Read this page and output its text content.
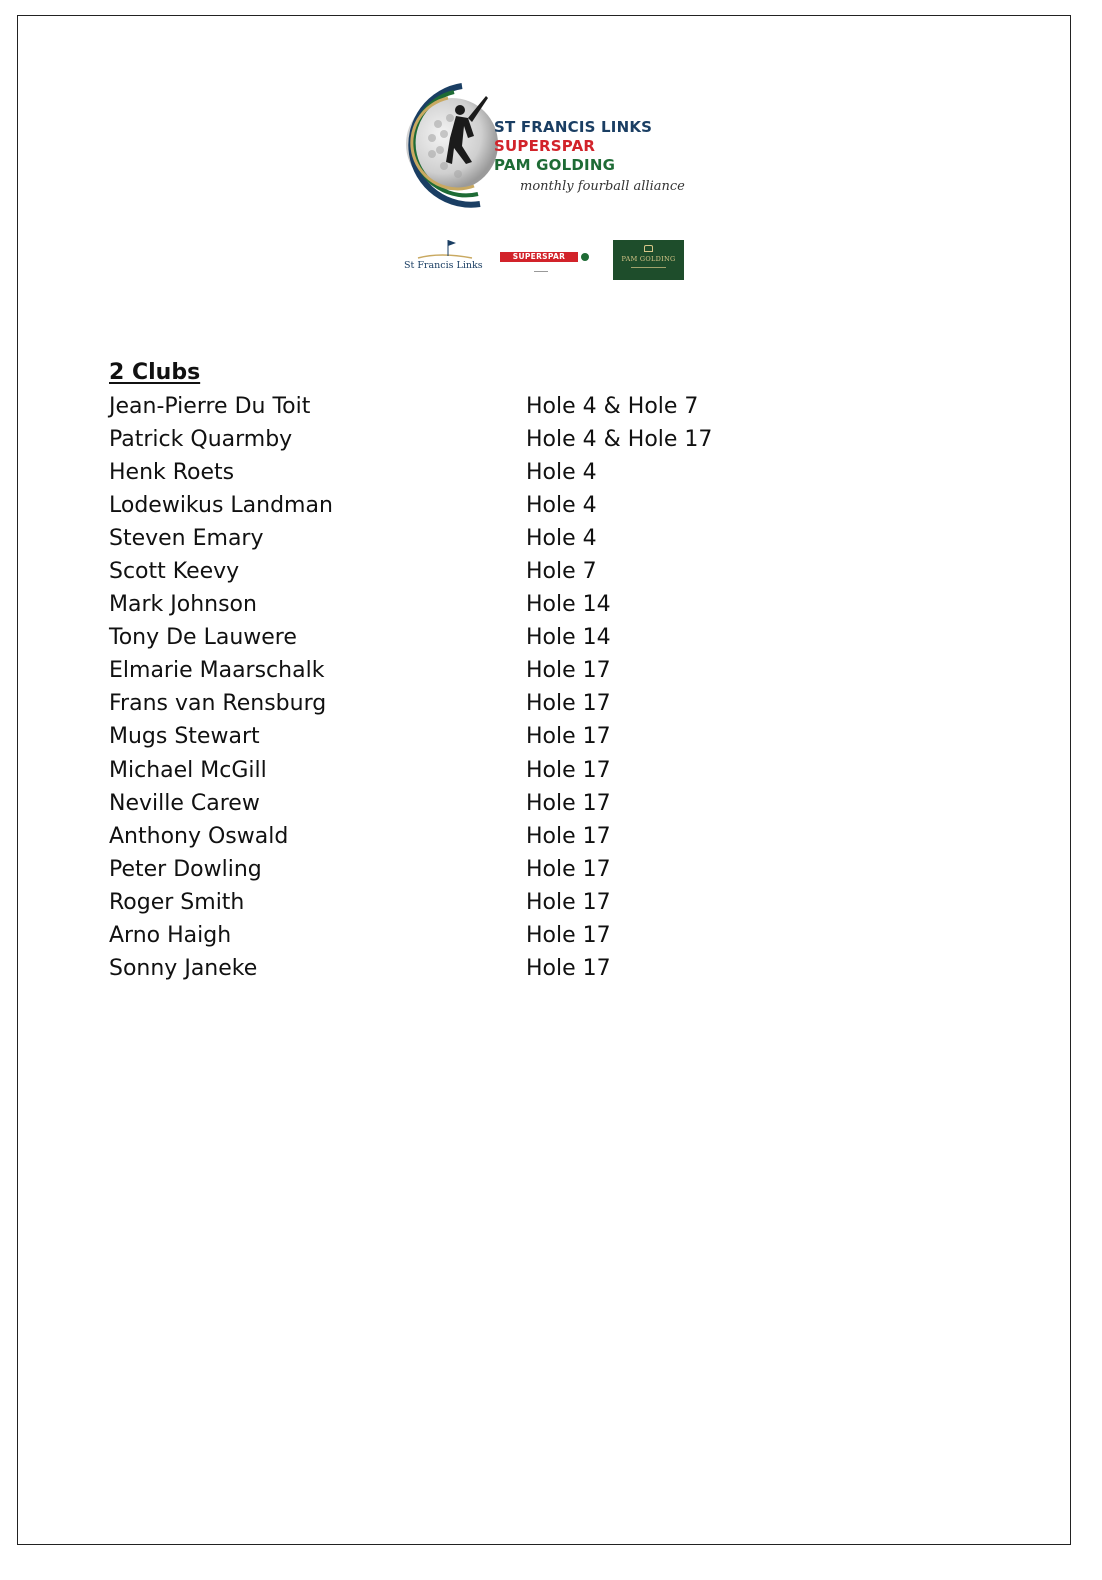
ST FRANCIS LINKS
SUPERSPAR
PAM GOLDING
monthly fourball alliance
St Francis Links
SUPERSPAR	PAM GOLDING
2 Clubs
Jean-Pierre Du Toit	Hole 4 & Hole 7
Patrick Quarmby	Hole 4 & Hole 17
Henk Roets	Hole 4
Lodewikus Landman	Hole 4
Steven Emary	Hole 4
Scott Keevy	Hole 7
Mark Johnson	Hole 14
Tony De Lauwere	Hole 14
Elmarie Maarschalk	Hole 17
Frans van Rensburg	Hole 17
Mugs Stewart	Hole 17
Michael McGill	Hole 17
Neville Carew	Hole 17
Anthony Oswald	Hole 17
Peter Dowling	Hole 17
Roger Smith	Hole 17
Arno Haigh	Hole 17
Sonny Janeke	Hole 17
